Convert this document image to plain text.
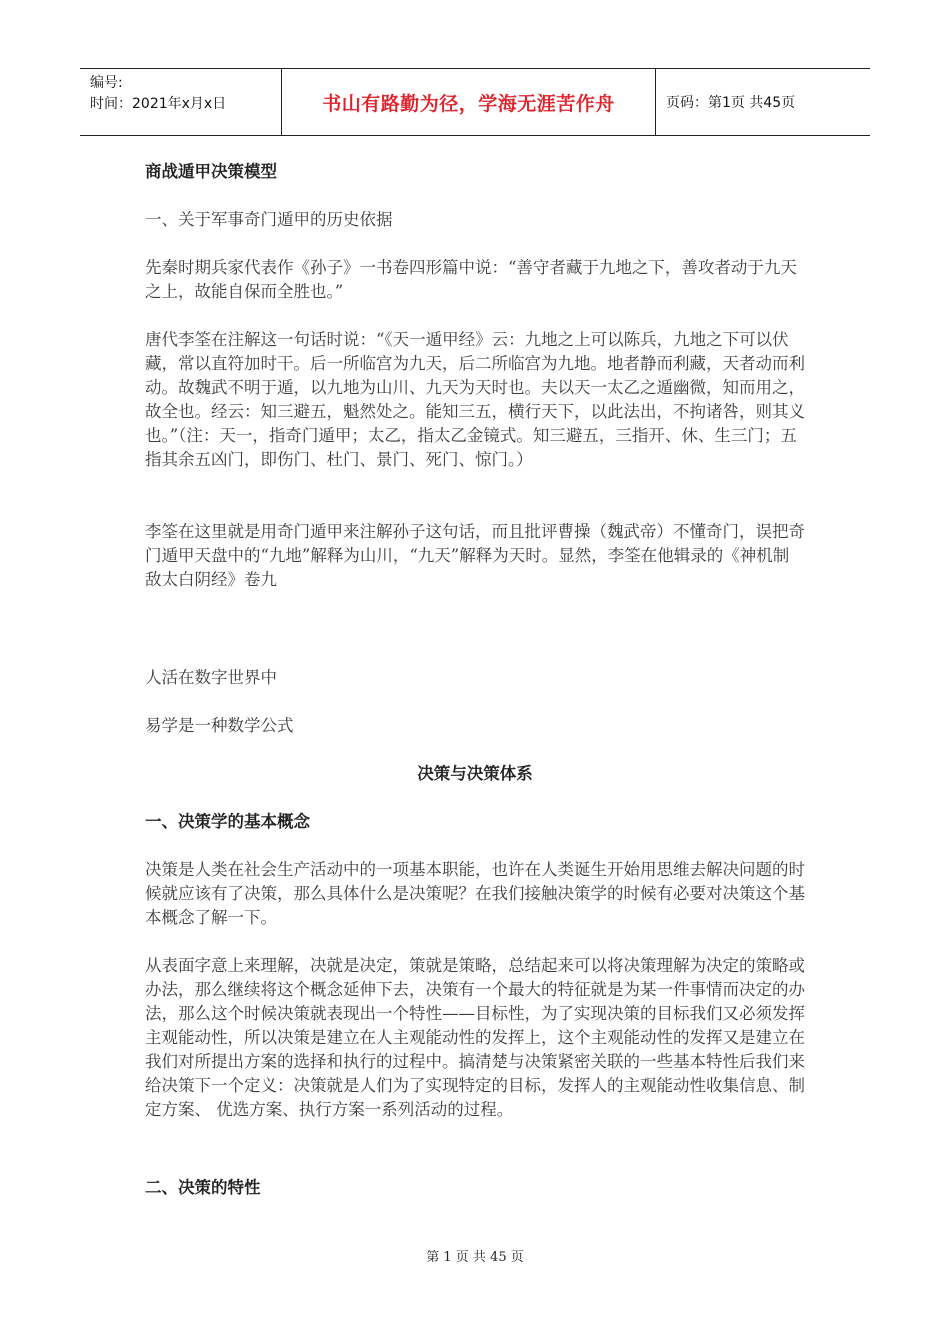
编号:
时间：2021年x月x日	书山有路勤为径，学海无涯苦作舟	页码：第1页 共45页

商战遁甲决策模型

一、关于军事奇门遁甲的历史依据

先秦时期兵家代表作《孙子》一书卷四形篇中说：“善守者藏于九地之下，善攻者动于九天之上，故能自保而全胜也。”

唐代李筌在注解这一句话时说：“《天一遁甲经》云：九地之上可以陈兵，九地之下可以伏藏，常以直符加时干。后一所临宫为九天，后二所临宫为九地。地者静而利藏，天者动而利动。故魏武不明于遁，以九地为山川、九天为天时也。夫以天一太乙之遁幽微，知而用之，故全也。经云：知三避五，魁然处之。能知三五，横行天下，以此法出，不拘诸咎，则其义也。”（注：天一，指奇门遁甲；太乙，指太乙金镜式。知三避五，三指开、休、生三门；五指其余五凶门，即伤门、杜门、景门、死门、惊门。）

李筌在这里就是用奇门遁甲来注解孙子这句话，而且批评曹操（魏武帝）不懂奇门，误把奇门遁甲天盘中的“九地”解释为山川，“九天”解释为天时。显然，李筌在他辑录的《神机制敌太白阴经》卷九

人活在数字世界中

易学是一种数学公式

决策与决策体系

一、决策学的基本概念

决策是人类在社会生产活动中的一项基本职能，也许在人类诞生开始用思维去解决问题的时候就应该有了决策，那么具体什么是决策呢？在我们接触决策学的时候有必要对决策这个基本概念了解一下。

从表面字意上来理解，决就是决定，策就是策略，总结起来可以将决策理解为决定的策略或办法，那么继续将这个概念延伸下去，决策有一个最大的特征就是为某一件事情而决定的办法，那么这个时候决策就表现出一个特性——目标性，为了实现决策的目标我们又必须发挥主观能动性，所以决策是建立在人主观能动性的发挥上，这个主观能动性的发挥又是建立在我们对所提出方案的选择和执行的过程中。搞清楚与决策紧密关联的一些基本特性后我们来给决策下一个定义：决策就是人们为了实现特定的目标，发挥人的主观能动性收集信息、制定方案、 优选方案、执行方案一系列活动的过程。

二、决策的特性

第 1 页 共 45 页
